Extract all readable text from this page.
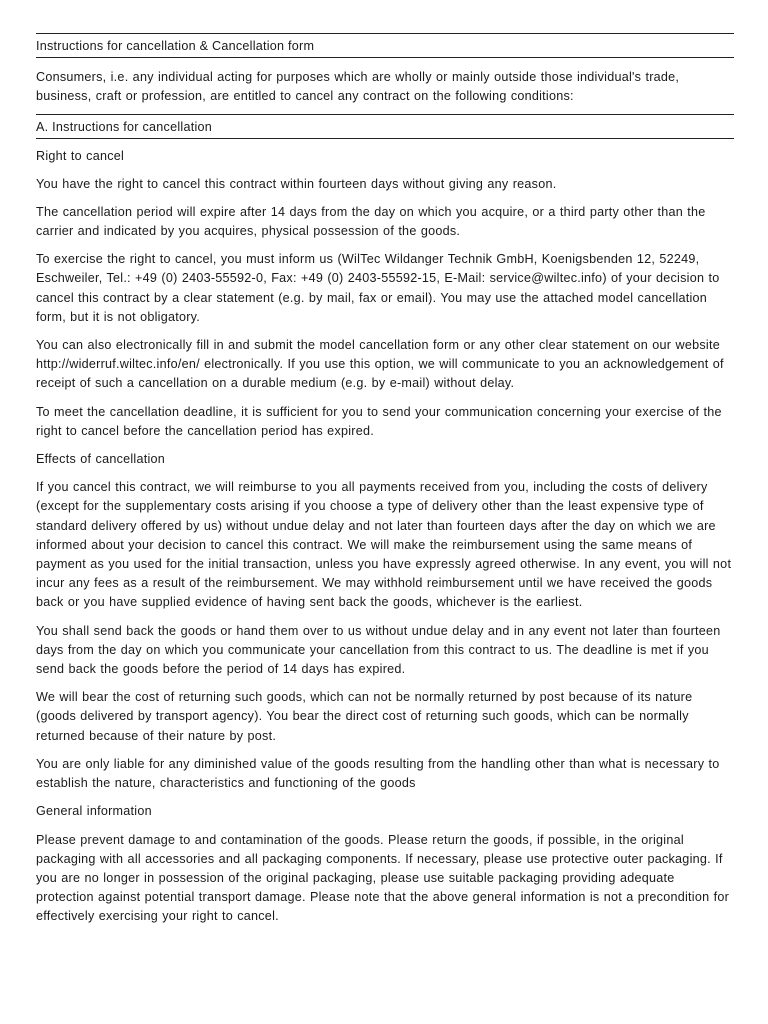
Instructions for cancellation & Cancellation form

Consumers, i.e. any individual acting for purposes which are wholly or mainly outside those individual's trade, business, craft or profession, are entitled to cancel any contract on the following conditions:

A. Instructions for cancellation

Right to cancel

You have the right to cancel this contract within fourteen days without giving any reason.

The cancellation period will expire after 14 days from the day on which you acquire, or a third party other than the carrier and indicated by you acquires, physical possession of the goods.

To exercise the right to cancel, you must inform us (WilTec Wildanger Technik GmbH, Koenigsbenden 12, 52249, Eschweiler, Tel.: +49 (0) 2403-55592-0, Fax: +49 (0) 2403-55592-15, E-Mail: service@wiltec.info) of your decision to cancel this contract by a clear statement (e.g. by mail, fax or email). You may use the attached model cancellation form, but it is not obligatory.

You can also electronically fill in and submit the model cancellation form or any other clear statement on our website http://widerruf.wiltec.info/en/ electronically. If you use this option, we will communicate to you an acknowledgement of receipt of such a cancellation on a durable medium (e.g. by e-mail) without delay.

To meet the cancellation deadline, it is sufficient for you to send your communication concerning your exercise of the right to cancel before the cancellation period has expired.

Effects of cancellation

If you cancel this contract, we will reimburse to you all payments received from you, including the costs of delivery (except for the supplementary costs arising if you choose a type of delivery other than the least expensive type of standard delivery offered by us) without undue delay and not later than fourteen days after the day on which we are informed about your decision to cancel this contract. We will make the reimbursement using the same means of payment as you used for the initial transaction, unless you have expressly agreed otherwise. In any event, you will not incur any fees as a result of the reimbursement. We may withhold reimbursement until we have received the goods back or you have supplied evidence of having sent back the goods, whichever is the earliest.

You shall send back the goods or hand them over to us without undue delay and in any event not later than fourteen days from the day on which you communicate your cancellation from this contract to us. The deadline is met if you send back the goods before the period of 14 days has expired.

We will bear the cost of returning such goods, which can not be normally returned by post because of its nature (goods delivered by transport agency). You bear the direct cost of returning such goods, which can be normally returned because of their nature by post.

You are only liable for any diminished value of the goods resulting from the handling other than what is necessary to establish the nature, characteristics and functioning of the goods

General information

Please prevent damage to and contamination of the goods. Please return the goods, if possible, in the original packaging with all accessories and all packaging components. If necessary, please use protective outer packaging. If you are no longer in possession of the original packaging, please use suitable packaging providing adequate protection against potential transport damage. Please note that the above general information is not a precondition for effectively exercising your right to cancel.
